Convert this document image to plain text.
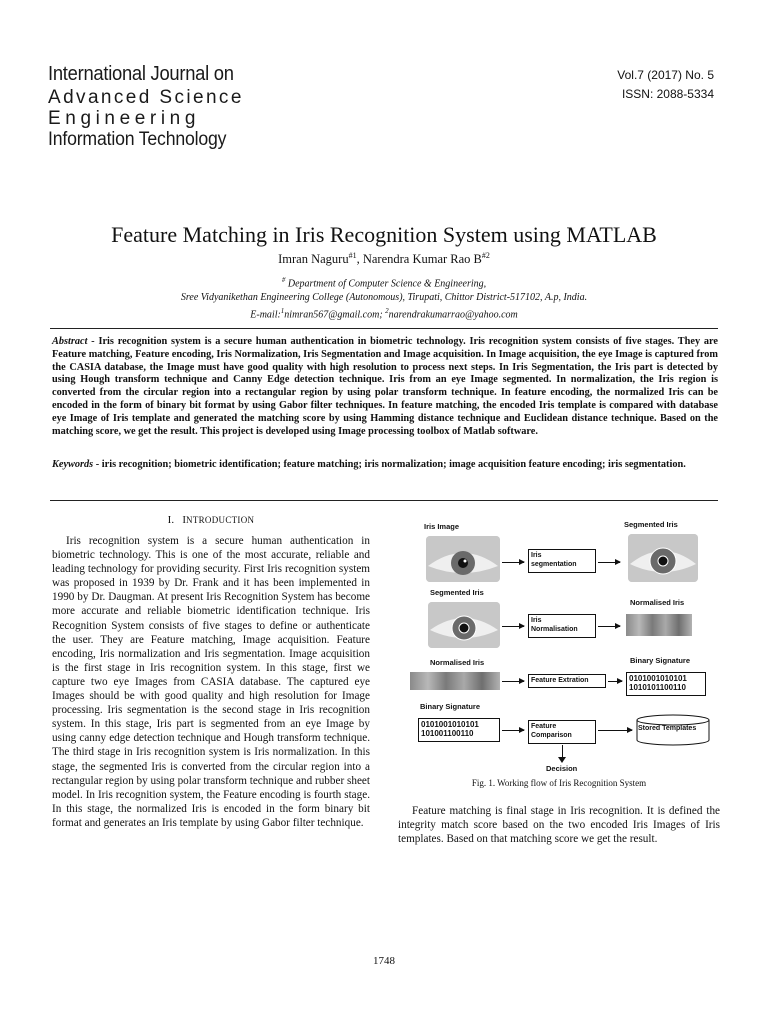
International Journal on
Advanced Science
Engineering
Information Technology
Vol.7 (2017) No. 5
ISSN: 2088-5334
Feature Matching in Iris Recognition System using MATLAB
Imran Naguru$^{\#1}$, Narendra Kumar Rao $B^{\#2}$
# Department of Computer Science & Engineering,
Sree Vidyanikethan Engineering College (Autonomous), Tirupati, Chittor District-517102, A.p, India.
E-mail:$^1$nimran567@gmail.com; $^2$narendrakumarrao@yahoo.com
Abstract - Iris recognition system is a secure human authentication in biometric technology. Iris recognition system consists of five stages. They are Feature matching, Feature encoding, Iris Normalization, Iris Segmentation and Image acquisition. In Image acquisition, the eye Image is captured from the CASIA database, the Image must have good quality with high resolution to process next steps. In Iris Segmentation, the Iris part is detected by using Hough transform technique and Canny Edge detection technique. Iris from an eye Image segmented. In normalization, the Iris region is converted from the circular region into a rectangular region by using polar transform technique. In feature encoding, the normalized Iris can be encoded in the form of binary bit format by using Gabor filter techniques. In feature matching, the encoded Iris template is compared with database eye Image of Iris template and generated the matching score by using Hamming distance technique and Euclidean distance technique. Based on the matching score, we get the result. This project is developed using Image processing toolbox of Matlab software.
Keywords - iris recognition; biometric identification; feature matching; iris normalization; image acquisition feature encoding; iris segmentation.
I. INTRODUCTION
Iris recognition system is a secure human authentication in biometric technology. This is one of the most accurate, reliable and leading technology for providing security. First Iris recognition system was proposed in 1939 by Dr. Frank and it has been implemented in 1990 by Dr. Daugman. At present Iris Recognition System has become more accurate and reliable biometric identification technique. Iris Recognition System consists of five stages to define or authenticate the user. They are Feature matching, Image acquisition. Feature encoding, Iris normalization and Iris segmentation. Image acquisition is the first stage in Iris recognition system. In this stage, first we capture two eye Images from CASIA database. The captured eye Images should be with good quality and high resolution for Image processing. Iris segmentation is the second stage in Iris recognition system. In this stage, Iris part is segmented from an eye Image by using canny edge detection technique and Hough transform technique. The third stage in Iris recognition system is Iris normalization. In this stage, the segmented Iris is converted from the circular region into a rectangular region by using polar transform technique and rubber sheet model. In Iris recognition system, the Feature encoding is fourth stage. In this stage, the normalized Iris is encoded in the form binary bit format and generates an Iris template by using Gabor filter technique.
Iris Image	Segmented Iris
Iris
segmentation
Segmented Iris
Normalised Iris
Iris
Normalisation
Normalised Iris	Binary Signature
Feature Extration	0101001010101
1010101100110
Binary Signature
0101001010101
101001100110
Feature
Comparison
Stored Templates
Decision
Fig. 1. Working flow of Iris Recognition System
Feature matching is final stage in Iris recognition. It is defined the integrity match score based on the two encoded Iris Images of Iris templates. Based on that matching score we get the result.
1748
